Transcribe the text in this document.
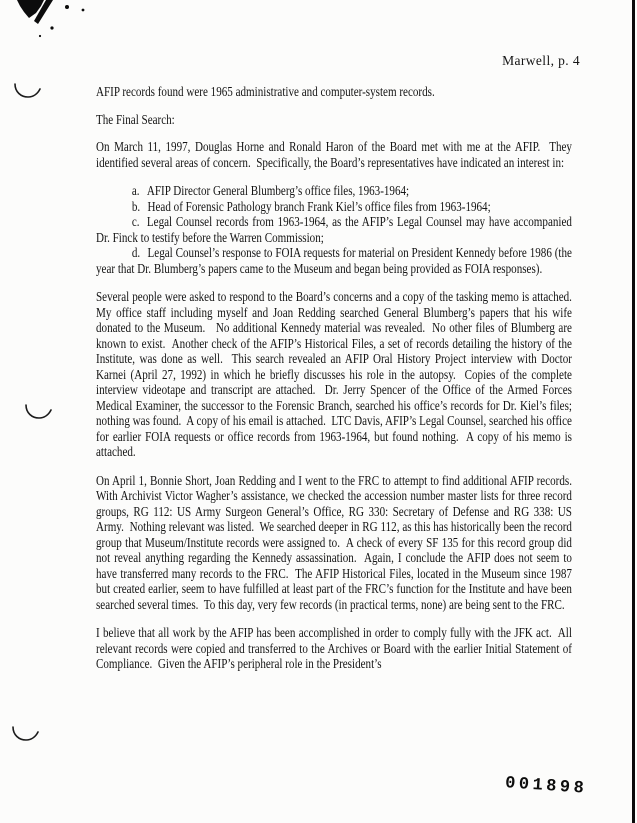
Marwell, p. 4

AFIP records found were 1965 administrative and computer-system records.

The Final Search:

On March 11, 1997, Douglas Horne and Ronald Haron of the Board met with me at the AFIP.  They identified several areas of concern.  Specifically, the Board’s representatives have indicated an interest in:

a. AFIP Director General Blumberg’s office files, 1963-1964;

b. Head of Forensic Pathology branch Frank Kiel’s office files from 1963-1964;

c. Legal Counsel records from 1963-1964, as the AFIP’s Legal Counsel may have accompanied Dr. Finck to testify before the Warren Commission;

d. Legal Counsel’s response to FOIA requests for material on President Kennedy before 1986 (the year that Dr. Blumberg’s papers came to the Museum and began being provided as FOIA responses).

Several people were asked to respond to the Board’s concerns and a copy of the tasking memo is attached.  My office staff including myself and Joan Redding searched General Blumberg’s papers that his wife donated to the Museum.   No additional Kennedy material was revealed.  No other files of Blumberg are known to exist.  Another check of the AFIP’s Historical Files, a set of records detailing the history of the Institute, was done as well.  This search revealed an AFIP Oral History Project interview with Doctor Karnei (April 27, 1992) in which he briefly discusses his role in the autopsy.  Copies of the complete interview videotape and transcript are attached.  Dr. Jerry Spencer of the Office of the Armed Forces Medical Examiner, the successor to the Forensic Branch, searched his office’s records for Dr. Kiel’s files; nothing was found.  A copy of his email is attached.  LTC Davis, AFIP’s Legal Counsel, searched his office for earlier FOIA requests or office records from 1963-1964, but found nothing.  A copy of his memo is attached.

On April 1, Bonnie Short, Joan Redding and I went to the FRC to attempt to find additional AFIP records.  With Archivist Victor Wagher’s assistance, we checked the accession number master lists for three record groups, RG 112: US Army Surgeon General’s Office, RG 330: Secretary of Defense and RG 338: US Army.  Nothing relevant was listed.  We searched deeper in RG 112, as this has historically been the record group that Museum/Institute records were assigned to.  A check of every SF 135 for this record group did not reveal anything regarding the Kennedy assassination.  Again, I conclude the AFIP does not seem to have transferred many records to the FRC.  The AFIP Historical Files, located in the Museum since 1987 but created earlier, seem to have fulfilled at least part of the FRC’s function for the Institute and have been searched several times.  To this day, very few records (in practical terms, none) are being sent to the FRC.

I believe that all work by the AFIP has been accomplished in order to comply fully with the JFK act.  All relevant records were copied and transferred to the Archives or Board with the earlier Initial Statement of Compliance.  Given the AFIP’s peripheral role in the President’s

001898
